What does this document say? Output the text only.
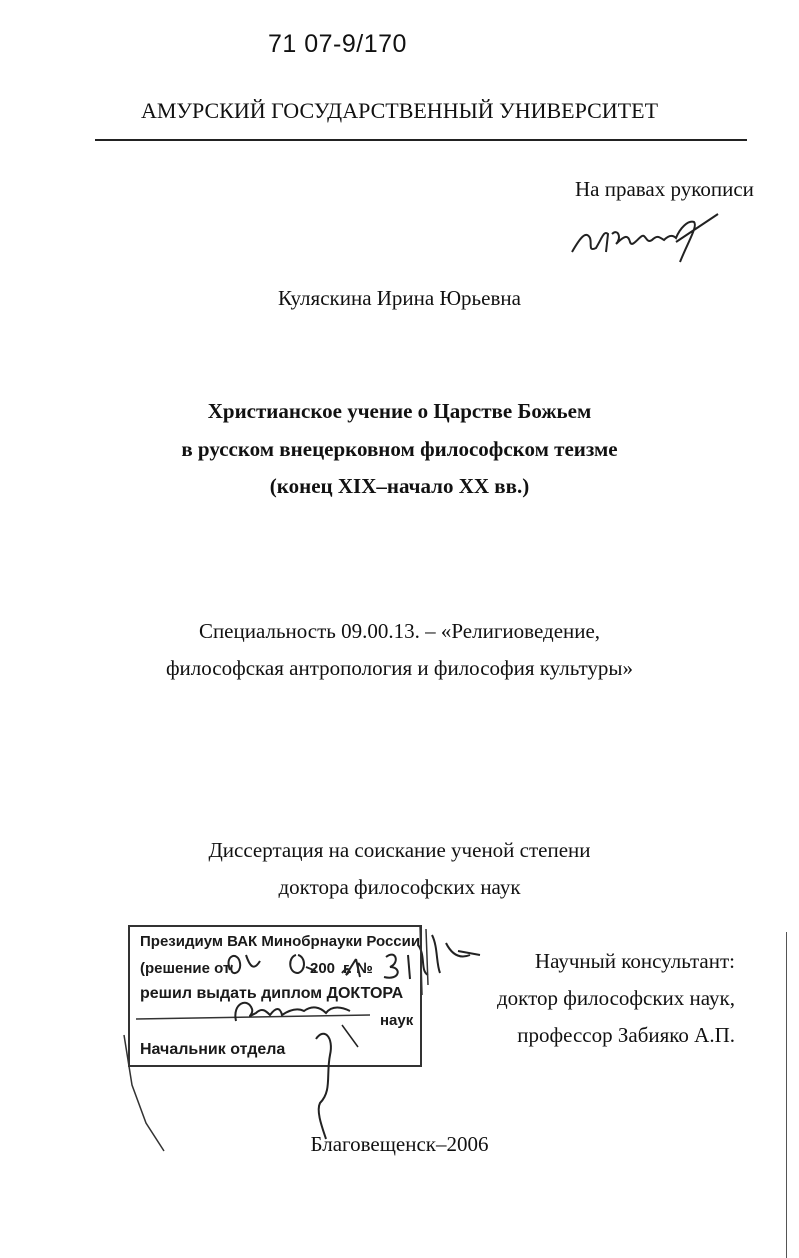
71 07-9/170
АМУРСКИЙ ГОСУДАРСТВЕННЫЙ УНИВЕРСИТЕТ
На правах рукописи
Куляскина Ирина Юрьевна
Христианское учение о Царстве Божьем
в русском внецерковном философском теизме
(конец XIX–начало XX вв.)
Специальность 09.00.13. – «Религиоведение,
философская антропология и философия культуры»
Диссертация на соискание ученой степени
доктора философских наук
Научный консультант:
доктор философских наук,
профессор Забияко А.П.
Президиум ВАК Минобрнауки России
(решение от	200 г. №
решил выдать диплом ДОКТОРА
наук
Начальник отдела
Благовещенск–2006
